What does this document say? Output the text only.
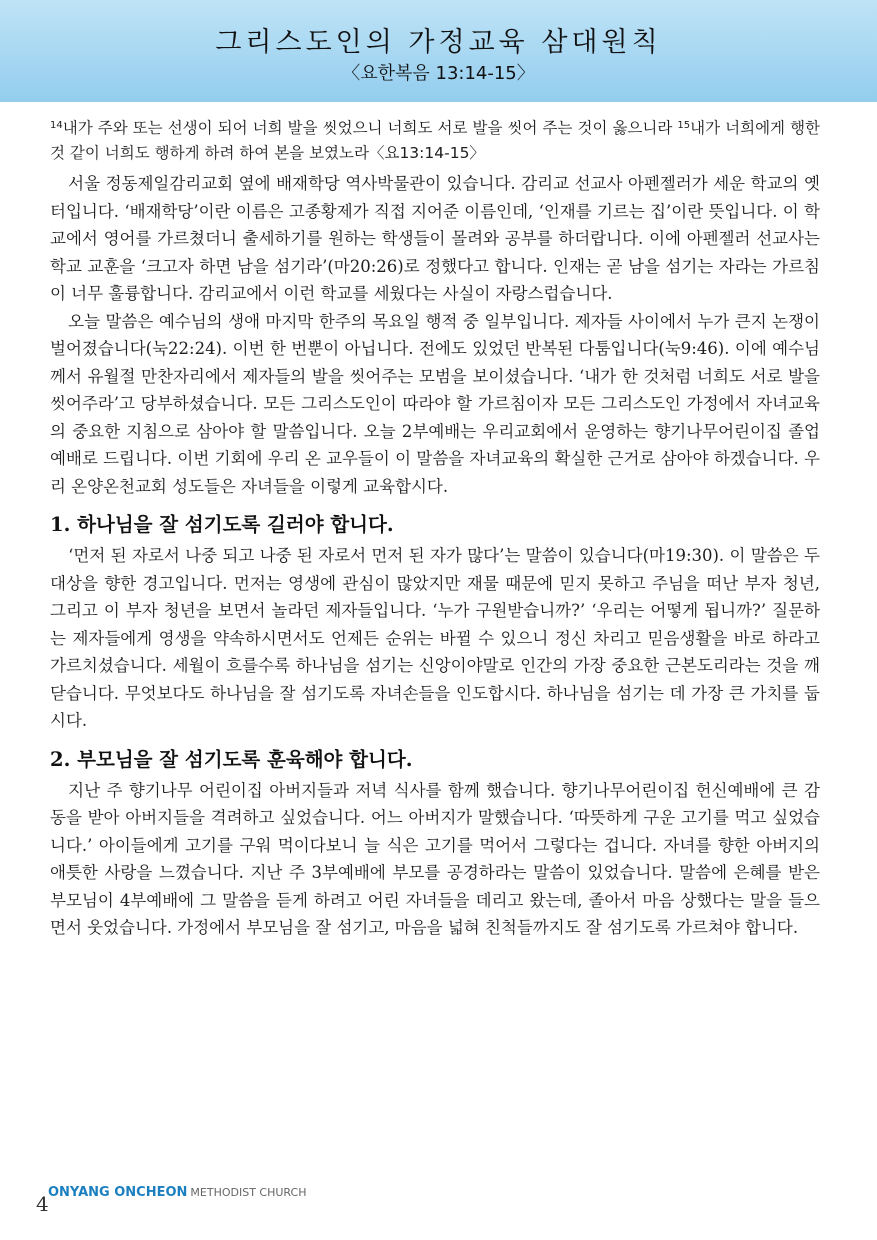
그리스도인의 가정교육 삼대원칙
〈요한복음 13:14-15〉

$^{14}$내가 주와 또는 선생이 되어 너희 발을 씻었으니 너희도 서로 발을 씻어 주는 것이 옳으니라 $^{15}$내가 너희에게 행한 것 같이 너희도 행하게 하려 하여 본을 보였노라〈요13:14-15〉

서울 정동제일감리교회 옆에 배재학당 역사박물관이 있습니다. 감리교 선교사 아펜젤러가 세운 학교의 옛터입니다. ‘배재학당’이란 이름은 고종황제가 직접 지어준 이름인데, ‘인재를 기르는 집’이란 뜻입니다. 이 학교에서 영어를 가르쳤더니 출세하기를 원하는 학생들이 몰려와 공부를 하더랍니다. 이에 아펜젤러 선교사는 학교 교훈을 ‘크고자 하면 남을 섬기라’(마20:26)로 정했다고 합니다. 인재는 곧 남을 섬기는 자라는 가르침이 너무 훌륭합니다. 감리교에서 이런 학교를 세웠다는 사실이 자랑스럽습니다.

오늘 말씀은 예수님의 생애 마지막 한주의 목요일 행적 중 일부입니다. 제자들 사이에서 누가 큰지 논쟁이 벌어졌습니다(눅22:24). 이번 한 번뿐이 아닙니다. 전에도 있었던 반복된 다툼입니다(눅9:46). 이에 예수님께서 유월절 만찬자리에서 제자들의 발을 씻어주는 모범을 보이셨습니다. ‘내가 한 것처럼 너희도 서로 발을 씻어주라’고 당부하셨습니다. 모든 그리스도인이 따라야 할 가르침이자 모든 그리스도인 가정에서 자녀교육의 중요한 지침으로 삼아야 할 말씀입니다. 오늘 2부예배는 우리교회에서 운영하는 향기나무어린이집 졸업예배로 드립니다. 이번 기회에 우리 온 교우들이 이 말씀을 자녀교육의 확실한 근거로 삼아야 하겠습니다. 우리 온양온천교회 성도들은 자녀들을 이렇게 교육합시다.

1. 하나님을 잘 섬기도록 길러야 합니다.

‘먼저 된 자로서 나중 되고 나중 된 자로서 먼저 된 자가 많다’는 말씀이 있습니다(마19:30). 이 말씀은 두 대상을 향한 경고입니다. 먼저는 영생에 관심이 많았지만 재물 때문에 믿지 못하고 주님을 떠난 부자 청년, 그리고 이 부자 청년을 보면서 놀라던 제자들입니다. ‘누가 구원받습니까?’ ‘우리는 어떻게 됩니까?’ 질문하는 제자들에게 영생을 약속하시면서도 언제든 순위는 바뀔 수 있으니 정신 차리고 믿음생활을 바로 하라고 가르치셨습니다. 세월이 흐를수록 하나님을 섬기는 신앙이야말로 인간의 가장 중요한 근본도리라는 것을 깨닫습니다. 무엇보다도 하나님을 잘 섬기도록 자녀손들을 인도합시다. 하나님을 섬기는 데 가장 큰 가치를 둡시다.

2. 부모님을 잘 섬기도록 훈육해야 합니다.

지난 주 향기나무 어린이집 아버지들과 저녁 식사를 함께 했습니다. 향기나무어린이집 헌신예배에 큰 감동을 받아 아버지들을 격려하고 싶었습니다. 어느 아버지가 말했습니다. ‘따뜻하게 구운 고기를 먹고 싶었습니다.’ 아이들에게 고기를 구워 먹이다보니 늘 식은 고기를 먹어서 그렇다는 겁니다. 자녀를 향한 아버지의 애틋한 사랑을 느꼈습니다. 지난 주 3부예배에 부모를 공경하라는 말씀이 있었습니다. 말씀에 은혜를 받은 부모님이 4부예배에 그 말씀을 듣게 하려고 어린 자녀들을 데리고 왔는데, 졸아서 마음 상했다는 말을 들으면서 웃었습니다. 가정에서 부모님을 잘 섬기고, 마음을 넓혀 친척들까지도 잘 섬기도록 가르쳐야 합니다.

4 ONYANG ONCHEON METHODIST CHURCH
